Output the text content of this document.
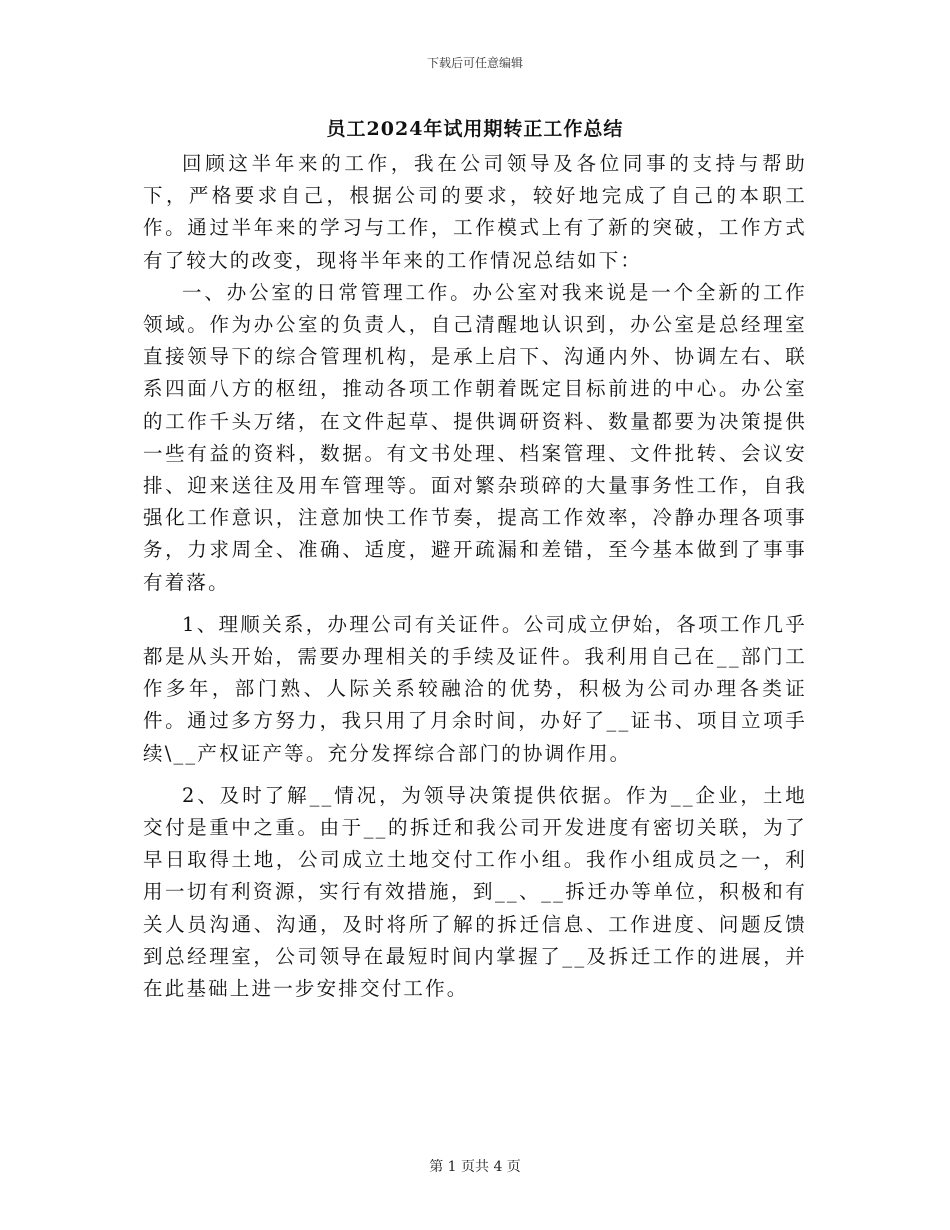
下载后可任意编辑
员工2024年试用期转正工作总结

回顾这半年来的工作，我在公司领导及各位同事的支持与帮助下，严格要求自己，根据公司的要求，较好地完成了自己的本职工作。通过半年来的学习与工作，工作模式上有了新的突破，工作方式有了较大的改变，现将半年来的工作情况总结如下：

一、办公室的日常管理工作。办公室对我来说是一个全新的工作领域。作为办公室的负责人，自己清醒地认识到，办公室是总经理室直接领导下的综合管理机构，是承上启下、沟通内外、协调左右、联系四面八方的枢纽，推动各项工作朝着既定目标前进的中心。办公室的工作千头万绪，在文件起草、提供调研资料、数量都要为决策提供一些有益的资料，数据。有文书处理、档案管理、文件批转、会议安排、迎来送往及用车管理等。面对繁杂琐碎的大量事务性工作，自我强化工作意识，注意加快工作节奏，提高工作效率，冷静办理各项事务，力求周全、准确、适度，避开疏漏和差错，至今基本做到了事事有着落。

1、理顺关系，办理公司有关证件。公司成立伊始，各项工作几乎都是从头开始，需要办理相关的手续及证件。我利用自己在__部门工作多年，部门熟、人际关系较融洽的优势，积极为公司办理各类证件。通过多方努力，我只用了月余时间，办好了__证书、项目立项手续\__产权证产等。充分发挥综合部门的协调作用。

2、及时了解__情况，为领导决策提供依据。作为__企业，土地交付是重中之重。由于__的拆迁和我公司开发进度有密切关联，为了早日取得土地，公司成立土地交付工作小组。我作小组成员之一，利用一切有利资源，实行有效措施，到__、__拆迁办等单位，积极和有关人员沟通、沟通，及时将所了解的拆迁信息、工作进度、问题反馈到总经理室，公司领导在最短时间内掌握了__及拆迁工作的进展，并在此基础上进一步安排交付工作。

第 1 页共 4 页
